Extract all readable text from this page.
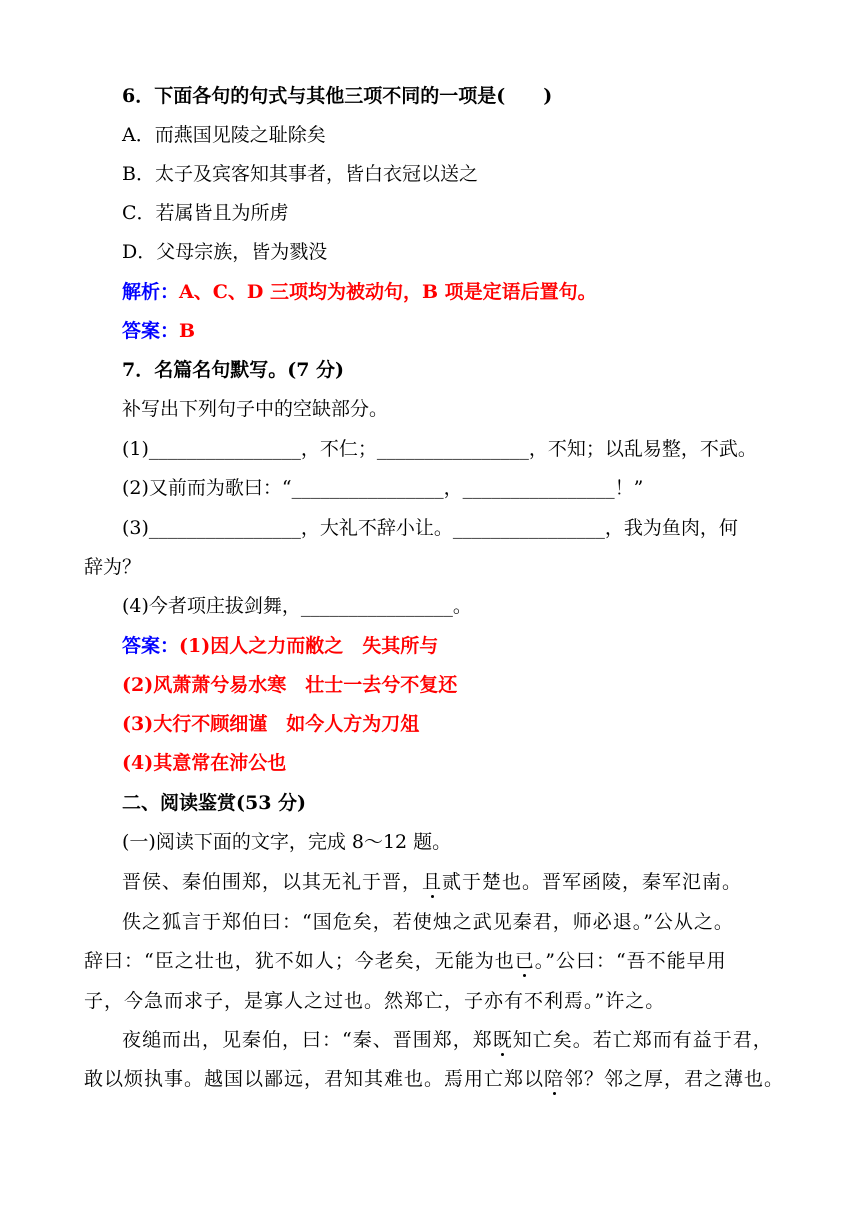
6．下面各句的句式与其他三项不同的一项是(　　)
A．而燕国见陵之耻除矣
B．太子及宾客知其事者，皆白衣冠以送之
C．若属皆且为所虏
D．父母宗族，皆为戮没
解析：A、C、D 三项均为被动句，B 项是定语后置句。
答案：B
7．名篇名句默写。(7 分)
补写出下列句子中的空缺部分。
(1)________________，不仁；________________，不知；以乱易整，不武。
(2)又前而为歌曰：“________________，________________！”
(3)________________，大礼不辞小让。________________，我为鱼肉，何
辞为？
(4)今者项庄拔剑舞，________________。
答案：(1)因人之力而敝之　失其所与
(2)风萧萧兮易水寒　壮士一去兮不复还
(3)大行不顾细谨　如今人方为刀俎
(4)其意常在沛公也
二、阅读鉴赏(53 分)
(一)阅读下面的文字，完成 8～12 题。
晋侯、秦伯围郑，以其无礼于晋，且贰于楚也。晋军函陵，秦军氾南。
佚之狐言于郑伯曰：“国危矣，若使烛之武见秦君，师必退。”公从之。
辞曰：“臣之壮也，犹不如人；今老矣，无能为也已。”公曰：“吾不能早用
子，今急而求子，是寡人之过也。然郑亡，子亦有不利焉。”许之。
夜缒而出，见秦伯，曰：“秦、晋围郑，郑既知亡矣。若亡郑而有益于君，
敢以烦执事。越国以鄙远，君知其难也。焉用亡郑以陪邻？邻之厚，君之薄也。
